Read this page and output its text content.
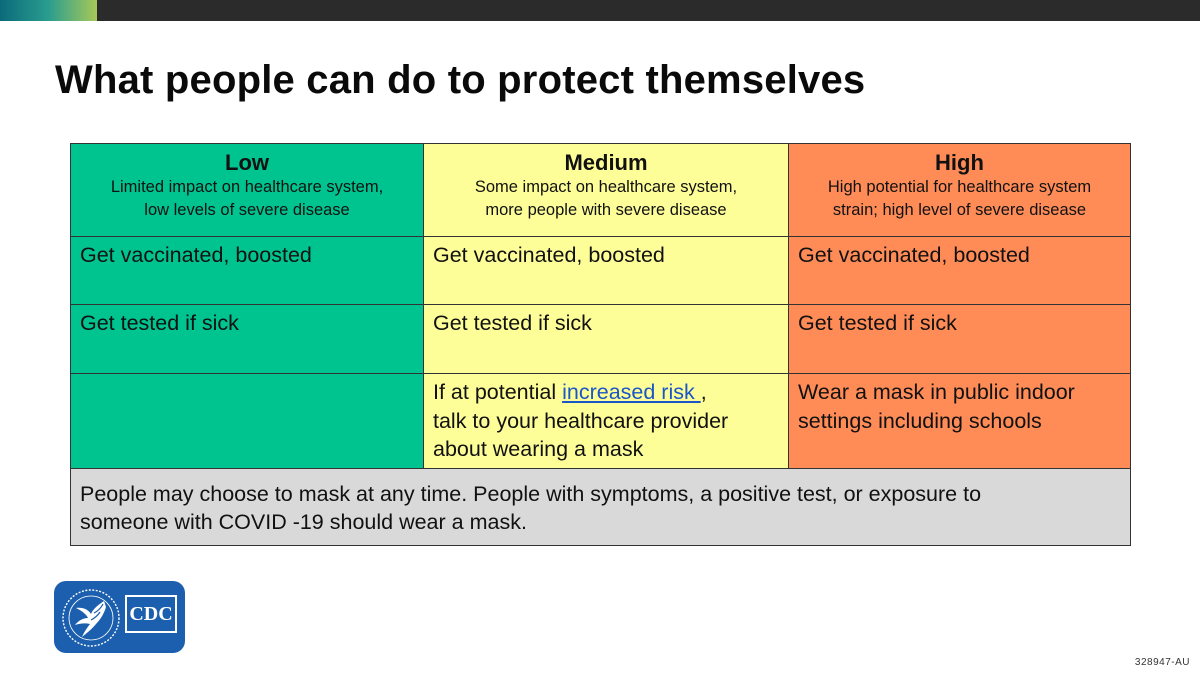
What people can do to protect themselves
Low
Limited impact on healthcare system,
low levels of severe disease	Medium
Some impact on healthcare system,
more people with severe disease	High
High potential for healthcare system
strain; high level of severe disease

Get vaccinated, boosted	Get vaccinated, boosted	Get vaccinated, boosted

Get tested if sick	Get tested if sick	Get tested if sick

	If at potential increased risk ,
talk to your healthcare provider
about wearing a mask	Wear a mask in public indoor
settings including schools

People may choose to mask at any time. People with symptoms, a positive test, or exposure to
someone with COVID -19 should wear a mask.		
CDC
328947-AU
